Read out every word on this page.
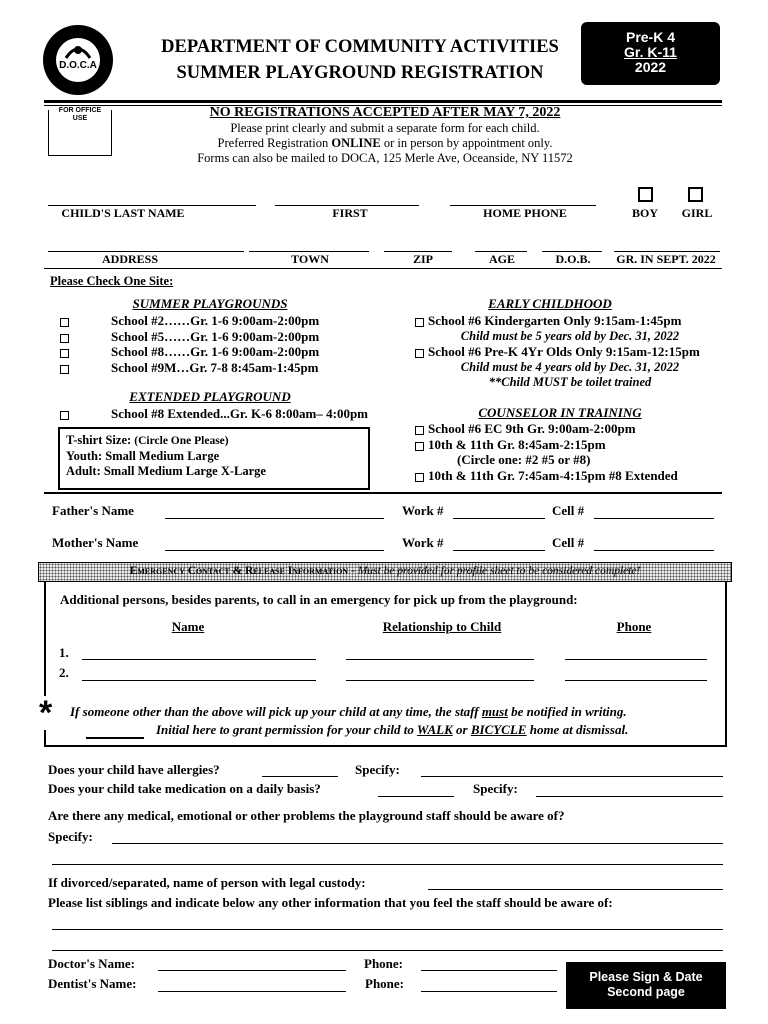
D.O.C.A
DEPARTMENT OF COMMUNITY ACTIVITIES
SUMMER PLAYGROUND REGISTRATION
Pre-K 4
Gr. K-11
2022
FOR OFFICE USE	NO REGISTRATIONS ACCEPTED AFTER MAY 7, 2022
Please print clearly and submit a separate form for each child.
Preferred Registration ONLINE or in person by appointment only.
Forms can also be mailed to DOCA, 125 Merle Ave, Oceanside, NY 11572
CHILD'S LAST NAME	FIRST	HOME PHONE	BOY	GIRL
ADDRESS	TOWN	ZIP	AGE	D.O.B.	GR. IN SEPT. 2022
Please Check One Site:
SUMMER PLAYGROUNDS
School #2……Gr. 1-6 9:00am-2:00pm
School #5……Gr. 1-6 9:00am-2:00pm
School #8……Gr. 1-6 9:00am-2:00pm
School #9M…Gr. 7-8 8:45am-1:45pm
EXTENDED PLAYGROUND
School #8 Extended...Gr. K-6 8:00am– 4:00pm
T-shirt Size: (Circle One Please)
Youth: Small Medium Large
Adult: Small Medium Large X-Large
EARLY CHILDHOOD
School #6 Kindergarten Only 9:15am-1:45pm
Child must be 5 years old by Dec. 31, 2022
School #6 Pre-K 4Yr Olds Only 9:15am-12:15pm
Child must be 4 years old by Dec. 31, 2022
**Child MUST be toilet trained
COUNSELOR IN TRAINING
School #6 EC 9th Gr. 9:00am-2:00pm
10th & 11th Gr. 8:45am-2:15pm
(Circle one: #2 #5 or #8)
10th & 11th Gr. 7:45am-4:15pm #8 Extended
Father's Name	Work #	Cell #
Mother's Name	Work #	Cell #
Emergency Contact & Release Information - Must be provided for profile sheet to be considered complete!
Additional persons, besides parents, to call in an emergency for pick up from the playground:
Name	Relationship to Child	Phone
1.
2.
* If someone other than the above will pick up your child at any time, the staff must be notified in writing.
Initial here to grant permission for your child to WALK or BICYCLE home at dismissal.
Does your child have allergies?	Specify:
Does your child take medication on a daily basis?	Specify:
Are there any medical, emotional or other problems the playground staff should be aware of?
Specify:
If divorced/separated, name of person with legal custody:
Please list siblings and indicate below any other information that you feel the staff should be aware of:
Doctor's Name:	Phone:
Dentist's Name:	Phone:	Please Sign & Date
Second page
